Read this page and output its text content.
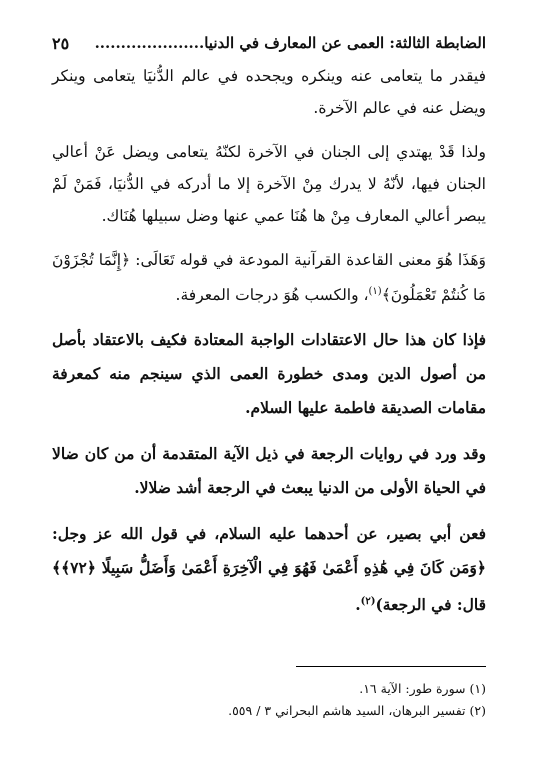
الضابطة الثالثة: العمى عن المعارف في الدنيا.....................
٢٥

فيقدر ما يتعامى عنه وينكره ويجحده في عالم الدُّنيَا يتعامى وينكر ويضل عنه في عالم الآخرة.

ولذا قَدْ يهتدي إلى الجنان في الآخرة لكنّهُ يتعامى ويضل عَنْ أعالي الجنان فيها، لأنّهُ لا يدرك مِنْ الآخرة إلا ما أدركه في الدُّنيَا، فَمَنْ لَمْ يبصر أعالي المعارف مِنْ ها هُنَا عمي عنها وضل سبيلها هُنَاك.

وَهَذَا هُوَ معنى القاعدة القرآنية المودعة في قوله تَعَالَى: ﴿إِنَّمَا تُجْزَوْنَ مَا كُنتُمْ تَعْمَلُونَ﴾$^{(١)}$، والكسب هُوَ درجات المعرفة.

فإذا كان هذا حال الاعتقادات الواجبة المعتادة فكيف بالاعتقاد بأصل من أصول الدين ومدى خطورة العمى الذي سينجم منه كمعرفة مقامات الصديقة فاطمة عليها السلام.

وقد ورد في روايات الرجعة في ذيل الآية المتقدمة أن من كان ضالا في الحياة الأولى من الدنيا يبعث في الرجعة أشد ضلالا.

فعن أبي بصير، عن أحدهما عليه السلام، في قول الله عز وجل: ﴿وَمَن كَانَ فِي هَٰذِهِ أَعْمَىٰ فَهُوَ فِي الْآخِرَةِ أَعْمَىٰ وَأَضَلُّ سَبِيلًا ﴿٧٢﴾﴾ قال: في الرجعة)$^{(٢)}$.

(١) سورة طور: الآية ١٦.

(٢) تفسير البرهان، السيد هاشم البحراني ٣ / ٥٥٩.
